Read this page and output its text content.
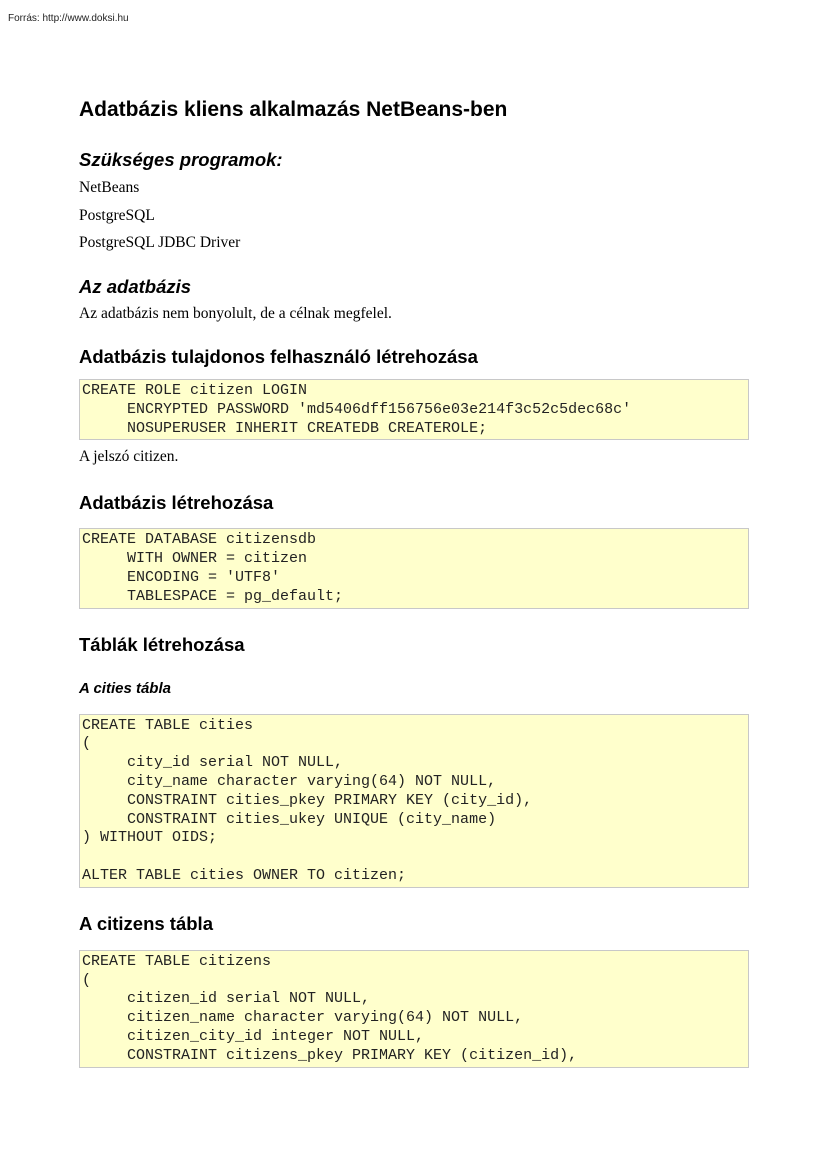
Forrás: http://www.doksi.hu

Adatbázis kliens alkalmazás NetBeans-ben
Szükséges programok:

NetBeans

PostgreSQL

PostgreSQL JDBC Driver

Az adatbázis

Az adatbázis nem bonyolult, de a célnak megfelel.

Adatbázis tulajdonos felhasználó létrehozása
CREATE ROLE citizen LOGIN
ENCRYPTED PASSWORD 'md5406dff156756e03e214f3c52c5dec68c'
NOSUPERUSER INHERIT CREATEDB CREATEROLE;

A jelszó citizen.

Adatbázis létrehozása
CREATE DATABASE citizensdb
WITH OWNER = citizen
ENCODING = 'UTF8'
TABLESPACE = pg_default;
Táblák létrehozása
A cities tábla
CREATE TABLE cities
(
city_id serial NOT NULL,
city_name character varying(64) NOT NULL,
CONSTRAINT cities_pkey PRIMARY KEY (city_id),
CONSTRAINT cities_ukey UNIQUE (city_name)
) WITHOUT OIDS;
ALTER TABLE cities OWNER TO citizen;
A citizens tábla
CREATE TABLE citizens
(
citizen_id serial NOT NULL,
citizen_name character varying(64) NOT NULL,
citizen_city_id integer NOT NULL,
CONSTRAINT citizens_pkey PRIMARY KEY (citizen_id),
